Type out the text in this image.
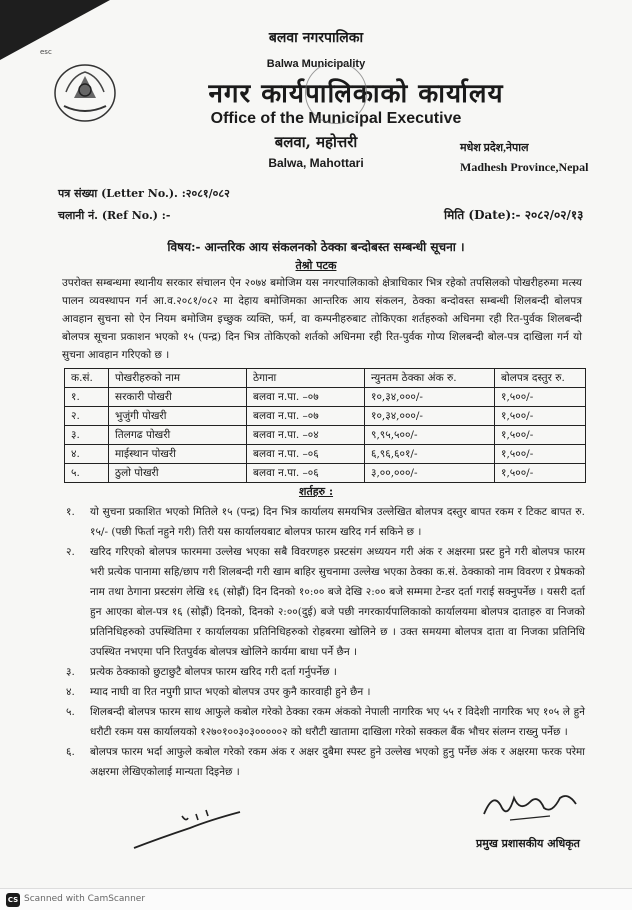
esc
बलवा नगरपालिका
Balwa Municipality
नगर कार्यपालिकाको कार्यालय
Office of the Municipal Executive
बलवा, महोत्तरी
Balwa, Mahottari
मधेश प्रदेश,नेपाल
Madhesh Province,Nepal
पत्र संख्या (Letter No.). :२०८१/०८२
चलानी नं. (Ref No.) :-	मिति (Date):- २०८२/०२/१३
विषय:- आन्तरिक आय संकलनको ठेक्का बन्दोबस्त सम्बन्धी सूचना ।
तेश्रो पटक
उपरोक्त सम्बन्धमा स्थानीय सरकार संचालन ऐन २०७४ बमोजिम यस नगरपालिकाको क्षेत्राधिकार भित्र रहेको तपसिलको पोखरीहरुमा मत्स्य पालन व्यवस्थापन गर्न आ.व.२०८१/०८२ मा देहाय बमोजिमका आन्तरिक आय संकलन, ठेक्का बन्दोवस्त सम्बन्धी शिलबन्दी बोलपत्र आवहान सुचना सो ऐन नियम बमोजिम इच्छुक व्यक्ति, फर्म, वा कम्पनीहरुबाट तोकिएका शर्तहरुको अधिनमा रही रित-पुर्वक शिलबन्दी बोलपत्र सूचना प्रकाशन भएको १५ (पन्द्र) दिन भित्र तोकिएको शर्तको अधिनमा रही रित-पुर्वक गोप्य शिलबन्दी बोल-पत्र दाखिला गर्न यो सुचना आवहान गरिएको छ ।
क.सं.	पोखरीहरुको नाम	ठेगाना	न्युनतम ठेक्का अंक रु.	बोलपत्र दस्तुर रु.
१.	सरकारी पोखरी	बलवा न.पा. –०७	१०,३४,०००/-	१,५००/-
२.	भुजुंगी पोखरी	बलवा न.पा. –०७	१०,३४,०००/-	१,५००/-
३.	तिलगढ पोखरी	बलवा न.पा. –०४	९,९५,५००/-	१,५००/-
४.	माईस्थान पोखरी	बलवा न.पा. –०६	६,९६,६०१/-	१,५००/-
५.	ठुलो पोखरी	बलवा न.पा. –०६	३,००,०००/-	१,५००/-
शर्तहरु :
१. यो सुचना प्रकाशित भएको मितिले १५ (पन्द्र) दिन भित्र कार्यालय समयभित्र उल्लेखित बोलपत्र दस्तुर बापत रकम र टिकट बापत रु. १५/- (पछी फिर्ता नहुने गरी) तिरी यस कार्यालयबाट बोलपत्र फारम खरिद गर्न सकिने छ ।
२. खरिद गरिएको बोलपत्र फारममा उल्लेख भएका सबै विवरणहरु प्रस्टसंग अध्ययन गरी अंक र अक्षरमा प्रस्ट हुने गरी बोलपत्र फारम भरी प्रत्येक पानामा सहि/छाप गरी शिलबन्दी गरी खाम बाहिर सुचनामा उल्लेख भएका ठेक्का क.सं. ठेक्काको नाम विवरण र प्रेषकको नाम तथा ठेगाना प्रस्टसंग लेखि १६ (सोह्रौं) दिन दिनको १०:०० बजे देखि २:०० बजे सम्ममा टेन्डर दर्ता गराई सक्नुपर्नेछ । यसरी दर्ता हुन आएका बोल-पत्र १६ (सोह्रौं) दिनको, दिनको २:००(दुई) बजे पछी नगरकार्यपालिकाको कार्यालयमा बोलपत्र दाताहरु वा निजको प्रतिनिधिहरुको उपस्थितिमा र कार्यालयका प्रतिनिधिहरुको रोहबरमा खोलिने छ । उक्त समयमा बोलपत्र दाता वा निजका प्रतिनिधि उपस्थित नभएमा पनि रितपुर्वक बोलपत्र खोलिने कार्यमा बाधा पर्ने छैन ।
३. प्रत्येक ठेक्काको छुटाछुटै बोलपत्र फारम खरिद गरी दर्ता गर्नुपर्नेछ ।
४. म्याद नाघी वा रित नपुगी प्राप्त भएको बोलपत्र उपर कुनै कारवाही हुने छैन ।
५. शिलबन्दी बोलपत्र फारम साथ आफुले कबोल गरेको ठेक्का रकम अंकको नेपाली नागरिक भए ५५ र विदेशी नागरिक भए १०५ ले हुने धरौटी रकम यस कार्यालयको १२७०१००३०३०००००२ को धरौटी खातामा दाखिला गरेको सक्कल बैंक भौचर संलग्न राख्नु पर्नेछ ।
६. बोलपत्र फारम भर्दा आफुले कबोल गरेको रकम अंक र अक्षर दुबैमा स्पस्ट हुने उल्लेख भएको हुनु पर्नेछ अंक र अक्षरमा फरक परेमा अक्षरमा लेखिएकोलाई मान्यता दिइनेछ ।
प्रमुख प्रशासकीय अधिकृत
CS Scanned with CamScanner
